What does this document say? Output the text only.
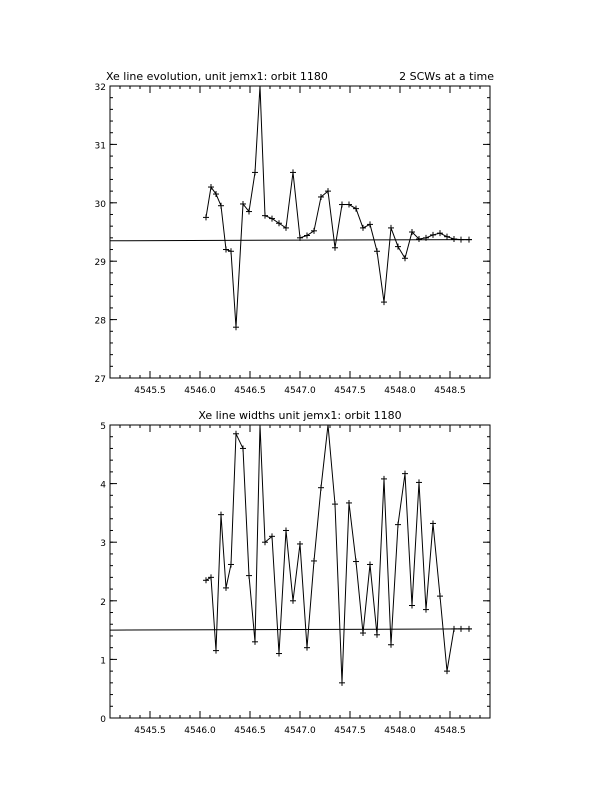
Xe line evolution, unit jemx1: orbit 1180	2 SCWs at a time
4545.5 4546.0 4546.5 4547.0 4547.5 4548.0 4548.5
27
28
29
30
31
32
Xe line widths unit jemx1: orbit 1180
4545.5 4546.0 4546.5 4547.0 4547.5 4548.0 4548.5
0
1
2
3
4
5
